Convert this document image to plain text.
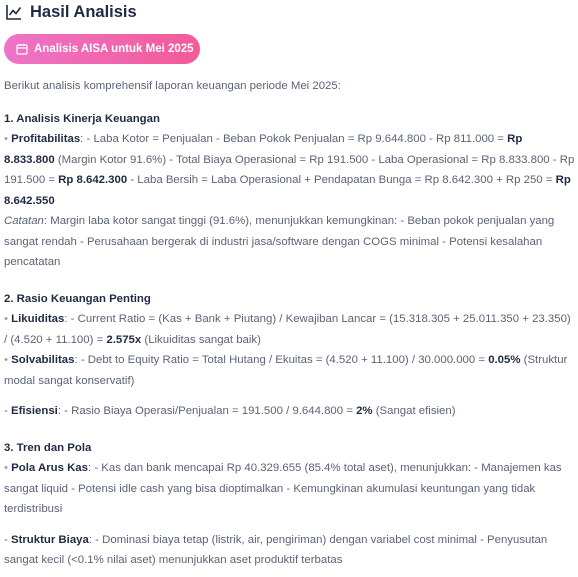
Hasil Analisis
Analisis AISA untuk Mei 2025

Berikut analisis komprehensif laporan keuangan periode Mei 2025:

1. Analisis Kinerja Keuangan

• Profitabilitas: - Laba Kotor = Penjualan - Beban Pokok Penjualan = Rp 9.644.800 - Rp 811.000 = Rp 8.833.800 (Margin Kotor 91.6%) - Total Biaya Operasional = Rp 191.500 - Laba Operasional = Rp 8.833.800 - Rp 191.500 = Rp 8.642.300 - Laba Bersih = Laba Operasional + Pendapatan Bunga = Rp 8.642.300 + Rp 250 = Rp 8.642.550

Catatan: Margin laba kotor sangat tinggi (91.6%), menunjukkan kemungkinan: - Beban pokok penjualan yang sangat rendah - Perusahaan bergerak di industri jasa/software dengan COGS minimal - Potensi kesalahan pencatatan

2. Rasio Keuangan Penting

• Likuiditas: - Current Ratio = (Kas + Bank + Piutang) / Kewajiban Lancar = (15.318.305 + 25.011.350 + 23.350) / (4.520 + 11.100) = 2.575x (Likuiditas sangat baik)

• Solvabilitas: - Debt to Equity Ratio = Total Hutang / Ekuitas = (4.520 + 11.100) / 30.000.000 = 0.05% (Struktur modal sangat konservatif)

- Efisiensi: - Rasio Biaya Operasi/Penjualan = 191.500 / 9.644.800 = 2% (Sangat efisien)

3. Tren dan Pola

• Pola Arus Kas: - Kas dan bank mencapai Rp 40.329.655 (85.4% total aset), menunjukkan: - Manajemen kas sangat liquid - Potensi idle cash yang bisa dioptimalkan - Kemungkinan akumulasi keuntungan yang tidak terdistribusi

- Struktur Biaya: - Dominasi biaya tetap (listrik, air, pengiriman) dengan variabel cost minimal - Penyusutan sangat kecil (<0.1% nilai aset) menunjukkan aset produktif terbatas
